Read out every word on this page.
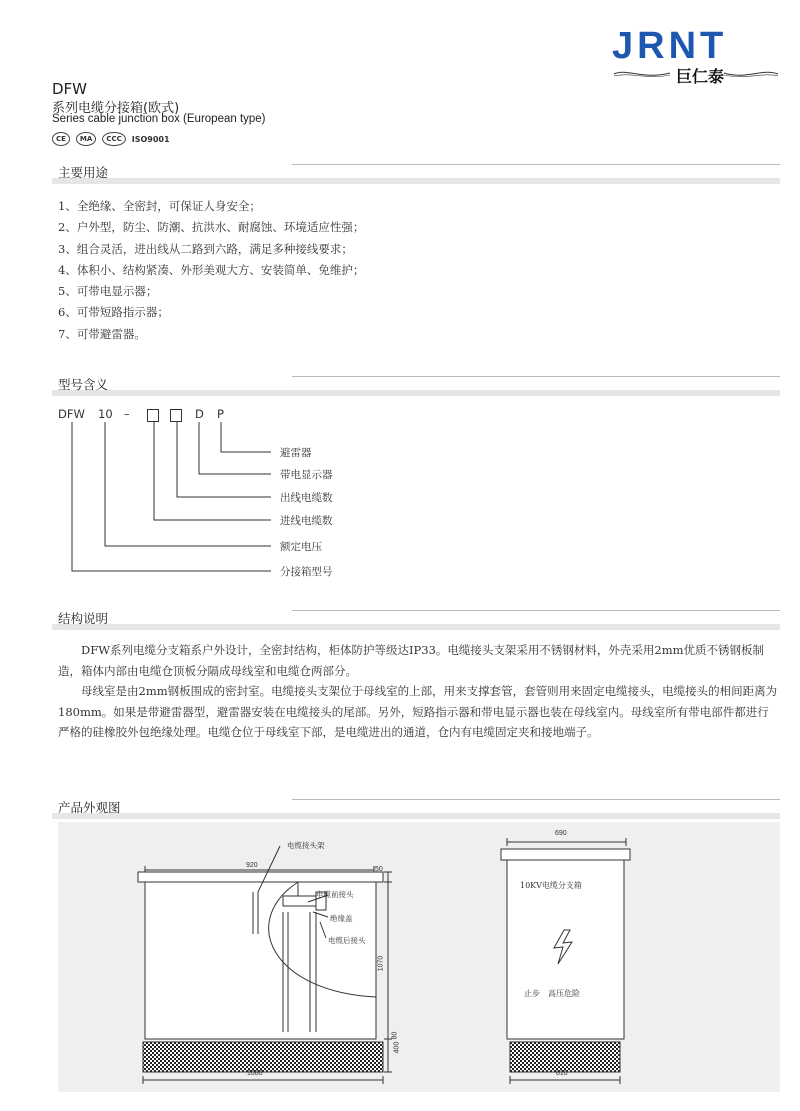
JRNT
巨仁泰
DFW
系列电缆分接箱(欧式)
Series cable junction box (European type)
CE	MA	CCC	ISO9001
主要用途
1、全绝缘、全密封，可保证人身安全；
2、户外型，防尘、防潮、抗洪水、耐腐蚀、环境适应性强；
3、组合灵活，进出线从二路到六路，满足多种接线要求；
4、体积小、结构紧凑、外形美观大方、安装简单、免维护；
5、可带电显示器；
6、可带短路指示器；
7、可带避雷器。
型号含义
DFW 10 –	D P
避雷器
带电显示器
出线电缆数
进线电缆数
额定电压
分接箱型号
结构说明

DFW系列电缆分支箱系户外设计，全密封结构，柜体防护等级达IP33。电缆接头支架采用不锈钢材料，外壳采用2mm优质不锈钢板制造，箱体内部由电缆仓顶板分隔成母线室和电缆仓两部分。

母线室是由2mm钢板围成的密封室。电缆接头支架位于母线室的上部，用来支撑套管，套管则用来固定电缆接头，电缆接头的相间距离为180mm。如果是带避雷器型，避雷器安装在电缆接头的尾部。另外，短路指示器和带电显示器也装在母线室内。母线室所有带电部件都进行严格的硅橡胶外包绝缘处理。电缆仓位于母线室下部，是电缆进出的通道，仓内有电缆固定夹和接地端子。

产品外观图
电缆接头架
电缆前接头
绝缘盖
电缆后接头
920
50
1070
400
80
1080
690
810
10KV电缆分支箱
止步　高压危险
